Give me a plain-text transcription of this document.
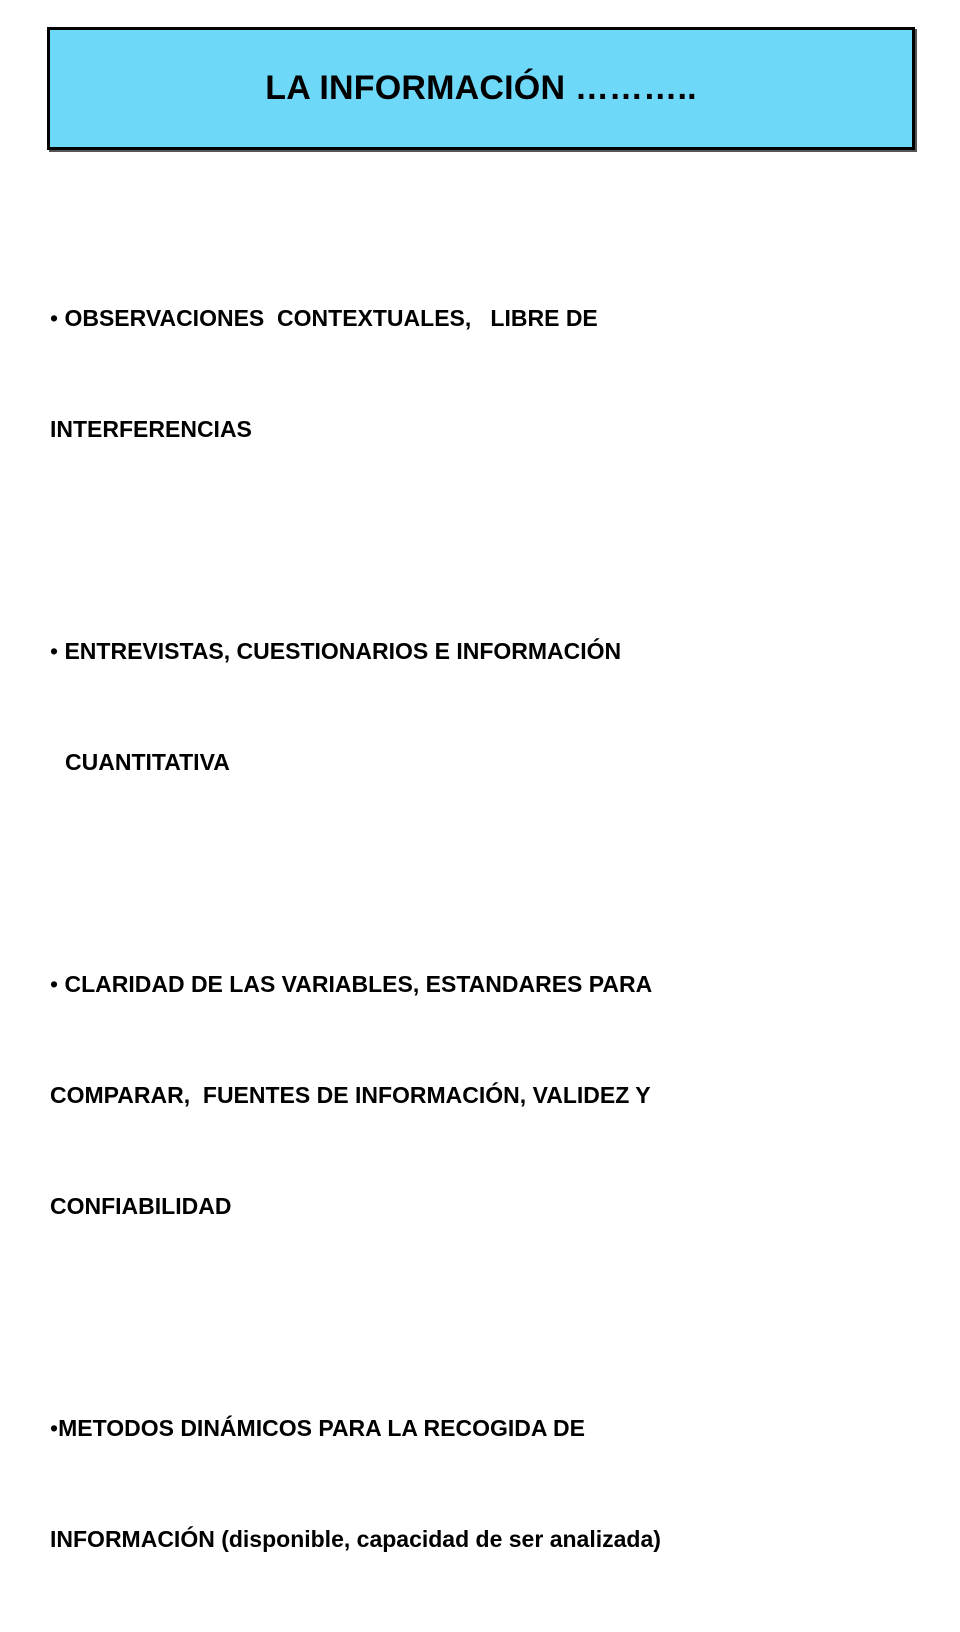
LA INFORMACIÓN ………..

• OBSERVACIONES  CONTEXTUALES,   LIBRE DE

INTERFERENCIAS

• ENTREVISTAS, CUESTIONARIOS E INFORMACIÓN

CUANTITATIVA

• CLARIDAD DE LAS VARIABLES, ESTANDARES PARA

COMPARAR,  FUENTES DE INFORMACIÓN, VALIDEZ Y

CONFIABILIDAD

•METODOS DINÁMICOS PARA LA RECOGIDA DE

INFORMACIÓN (disponible, capacidad de ser analizada)
